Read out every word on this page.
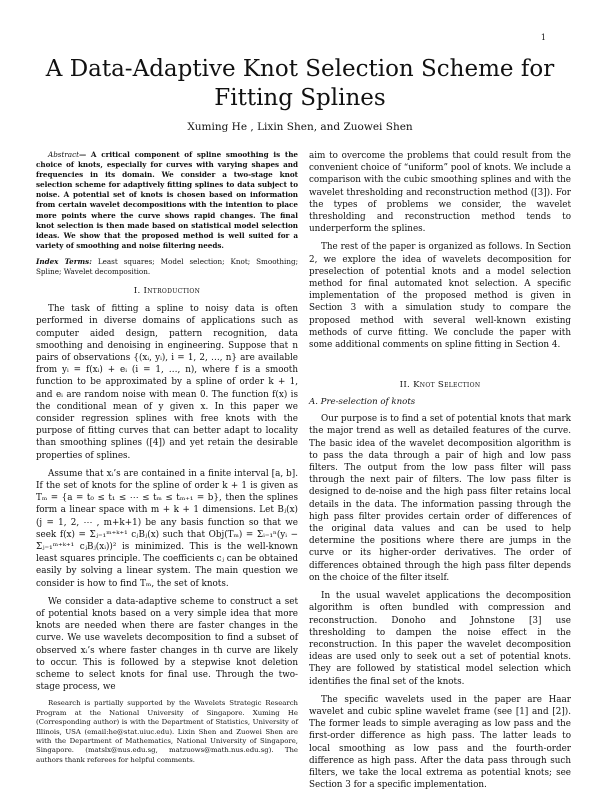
1
A Data-Adaptive Knot Selection Scheme for Fitting Splines
Xuming He , Lixin Shen, and Zuowei Shen

Abstract— A critical component of spline smoothing is the choice of knots, especially for curves with varying shapes and frequencies in its domain. We consider a two-stage knot selection scheme for adaptively fitting splines to data subject to noise. A potential set of knots is chosen based on information from certain wavelet decompositions with the intention to place more points where the curve shows rapid changes. The final knot selection is then made based on statistical model selection ideas. We show that the proposed method is well suited for a variety of smoothing and noise filtering needs.

Index Terms: Least squares; Model selection; Knot; Smoothing; Spline; Wavelet decomposition.

I. Introduction

The task of fitting a spline to noisy data is often performed in diverse domains of applications such as computer aided design, pattern recognition, data smoothing and denoising in engineering. Suppose that n pairs of observations {(xᵢ, yᵢ), i = 1, 2, …, n} are available from yᵢ = f(xᵢ) + eᵢ (i = 1, …, n), where f is a smooth function to be approximated by a spline of order k + 1, and eᵢ are random noise with mean 0. The function f(x) is the conditional mean of y given x. In this paper we consider regression splines with free knots with the purpose of fitting curves that can better adapt to locality than smoothing splines ([4]) and yet retain the desirable properties of splines.

Assume that xᵢ’s are contained in a finite interval [a, b]. If the set of knots for the spline of order k + 1 is given as Tₘ = {a = t₀ ≤ t₁ ≤ ⋯ ≤ tₘ ≤ tₘ₊₁ = b}, then the splines form a linear space with m + k + 1 dimensions. Let Bⱼ(x) (j = 1, 2, ⋯ , m+k+1) be any basis function so that we seek f(x) = Σⱼ₌₁ᵐ⁺ᵏ⁺¹ cⱼBⱼ(x) such that Obj(Tₘ) = Σᵢ₌₁ⁿ(yᵢ − Σⱼ₌₁ᵐ⁺ᵏ⁺¹ cⱼBⱼ(xᵢ))² is minimized. This is the well-known least squares principle. The coefficients cⱼ can be obtained easily by solving a linear system. The main question we consider is how to find Tₘ, the set of knots.

We consider a data-adaptive scheme to construct a set of potential knots based on a very simple idea that more knots are needed when there are faster changes in the curve. We use wavelets decomposition to find a subset of observed xᵢ’s where faster changes in th curve are likely to occur. This is followed by a stepwise knot deletion scheme to select knots for final use. Through the two-stage process, we

Research is partially supported by the Wavelets Strategic Research Program at the National University of Singapore. Xuming He (Corresponding author) is with the Department of Statistics, University of Illinois, USA (email:he@stat.uiuc.edu). Lixin Shen and Zuowei Shen are with the Department of Mathematics, National University of Singapore, Singapore. (matslx@nus.edu.sg, matzuows@math.nus.edu.sg). The authors thank referees for helpful comments.

aim to overcome the problems that could result from the convenient choice of “uniform” pool of knots. We include a comparison with the cubic smoothing splines and with the wavelet thresholding and reconstruction method ([3]). For the types of problems we consider, the wavelet thresholding and reconstruction method tends to underperform the splines.

The rest of the paper is organized as follows. In Section 2, we explore the idea of wavelets decomposition for preselection of potential knots and a model selection method for final automated knot selection. A specific implementation of the proposed method is given in Section 3 with a simulation study to compare the proposed method with several well-known existing methods of curve fitting. We conclude the paper with some additional comments on spline fitting in Section 4.

II. Knot Selection
A. Pre-selection of knots

Our purpose is to find a set of potential knots that mark the major trend as well as detailed features of the curve. The basic idea of the wavelet decomposition algorithm is to pass the data through a pair of high and low pass filters. The output from the low pass filter will pass through the next pair of filters. The low pass filter is designed to de-noise and the high pass filter retains local details in the data. The information passing through the high pass filter provides certain order of differences of the original data values and can be used to help determine the positions where there are jumps in the curve or its higher-order derivatives. The order of differences obtained through the high pass filter depends on the choice of the filter itself.

In the usual wavelet applications the decomposition algorithm is often bundled with compression and reconstruction. Donoho and Johnstone [3] use thresholding to dampen the noise effect in the reconstruction. In this paper the wavelet decomposition ideas are used only to seek out a set of potential knots. They are followed by statistical model selection which identifies the final set of the knots.

The specific wavelets used in the paper are Haar wavelet and cubic spline wavelet frame (see [1] and [2]). The former leads to simple averaging as low pass and the first-order difference as high pass. The latter leads to local smoothing as low pass and the fourth-order difference as high pass. After the data pass through such filters, we take the local extrema as potential knots; see Section 3 for a specific implementation.
